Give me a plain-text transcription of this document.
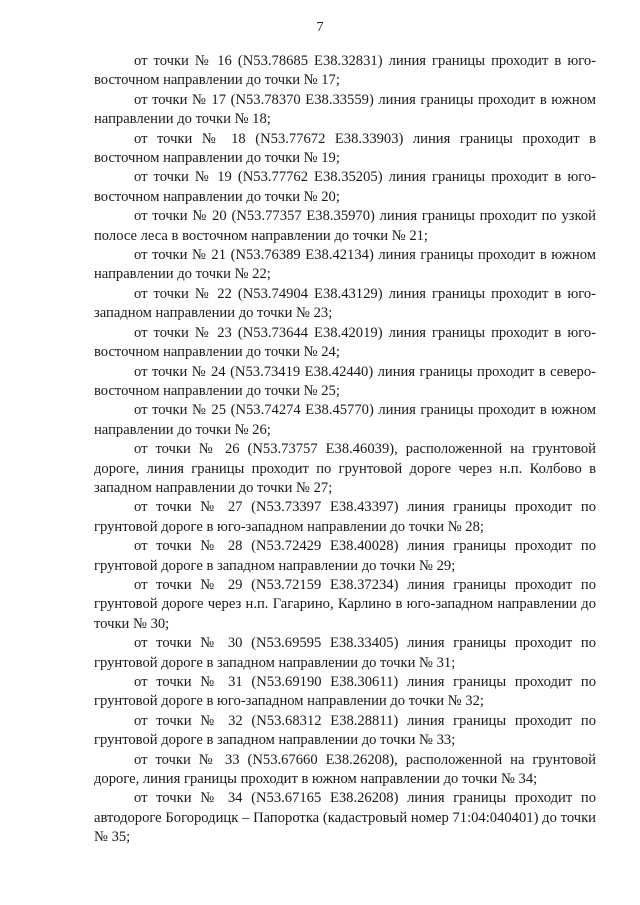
7

от точки № 16 (N53.78685 E38.32831) линия границы проходит в юго-восточном направлении до точки № 17;

от точки № 17 (N53.78370 E38.33559) линия границы проходит в южном направлении до точки № 18;

от точки № 18 (N53.77672 E38.33903) линия границы проходит в восточном направлении до точки № 19;

от точки № 19 (N53.77762 E38.35205) линия границы проходит в юго-восточном направлении до точки № 20;

от точки № 20 (N53.77357 E38.35970) линия границы проходит по узкой полосе леса в восточном направлении до точки № 21;

от точки № 21 (N53.76389 E38.42134) линия границы проходит в южном направлении до точки № 22;

от точки № 22 (N53.74904 E38.43129) линия границы проходит в юго-западном направлении до точки № 23;

от точки № 23 (N53.73644 E38.42019) линия границы проходит в юго-восточном направлении до точки № 24;

от точки № 24 (N53.73419 E38.42440) линия границы проходит в северо-восточном направлении до точки № 25;

от точки № 25 (N53.74274 E38.45770) линия границы проходит в южном направлении до точки № 26;

от точки № 26 (N53.73757 E38.46039), расположенной на грунтовой дороге, линия границы проходит по грунтовой дороге через н.п. Колбово в западном направлении до точки № 27;

от точки № 27 (N53.73397 E38.43397) линия границы проходит по грунтовой дороге в юго-западном направлении до точки № 28;

от точки № 28 (N53.72429 E38.40028) линия границы проходит по грунтовой дороге в западном направлении до точки № 29;

от точки № 29 (N53.72159 E38.37234) линия границы проходит по грунтовой дороге через н.п. Гагарино, Карлино в юго-западном направлении до точки № 30;

от точки № 30 (N53.69595 E38.33405) линия границы проходит по грунтовой дороге в западном направлении до точки № 31;

от точки № 31 (N53.69190 E38.30611) линия границы проходит по грунтовой дороге в юго-западном направлении до точки № 32;

от точки № 32 (N53.68312 E38.28811) линия границы проходит по грунтовой дороге в западном направлении до точки № 33;

от точки № 33 (N53.67660 E38.26208), расположенной на грунтовой дороге, линия границы проходит в южном направлении до точки № 34;

от точки № 34 (N53.67165 E38.26208) линия границы проходит по автодороге Богородицк – Папоротка (кадастровый номер 71:04:040401) до точки № 35;
